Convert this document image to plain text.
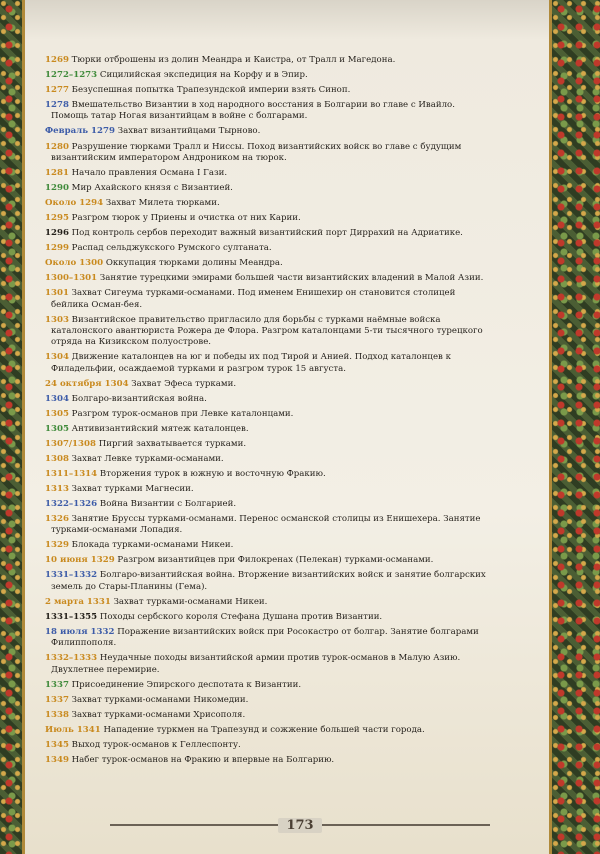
1269 Тюрки отброшены из долин Меандра и Каистра, от Тралл и Магедона.
1272–1273 Сицилийская экспедиция на Корфу и в Эпир.
1277 Безуспешная попытка Трапезундской империи взять Синоп.
1278 Вмешательство Византии в ход народного восстания в Болгарии во главе с Ивайло. Помощь татар Ногая византийцам в войне с болгарами.
Февраль 1279 Захват византийцами Тырново.
1280 Разрушение тюрками Тралл и Ниссы. Поход византийских войск во главе с будущим византийским императором Андроником на тюрок.
1281 Начало правления Османа I Гази.
1290 Мир Ахайского князя с Византией.
Около 1294 Захват Милета тюрками.
1295 Разгром тюрок у Приены и очистка от них Карии.
1296 Под контроль сербов переходит важный византийский порт Диррахий на Адриатике.
1299 Распад сельджукского Румского султаната.
Около 1300 Оккупация тюрками долины Меандра.
1300–1301 Занятие турецкими эмирами большей части византийских владений в Малой Азии.
1301 Захват Сигеума турками-османами. Под именем Енишехир он становится столицей бейлика Осман-бея.
1303 Византийское правительство пригласило для борьбы с турками наёмные войска каталонского авантюриста Рожера де Флора. Разгром каталонцами 5-ти тысячного турецкого отряда на Кизикском полуострове.
1304 Движение каталонцев на юг и победы их под Тирой и Анией. Подход каталонцев к Филадельфии, осаждаемой турками и разгром турок 15 августа.
24 октября 1304 Захват Эфеса турками.
1304 Болгаро-византийская война.
1305 Разгром турок-османов при Левке каталонцами.
1305 Антивизантийский мятеж каталонцев.
1307/1308 Пиргий захватывается турками.
1308 Захват Левке турками-османами.
1311–1314 Вторжения турок в южную и восточную Фракию.
1313 Захват турками Магнесии.
1322–1326 Война Византии с Болгарией.
1326 Занятие Бруссы турками-османами. Перенос османской столицы из Енишехера. Занятие турками-османами Лопадия.
1329 Блокада турками-османами Никеи.
10 июня 1329 Разгром византийцев при Филокренах (Пелекан) турками-османами.
1331–1332 Болгаро-византийская война. Вторжение византийских войск и занятие болгарских земель до Стары-Планины (Гема).
2 марта 1331 Захват турками-османами Никеи.
1331–1355 Походы сербского короля Стефана Душана против Византии.
18 июля 1332 Поражение византийских войск при Росокастро от болгар. Занятие болгарами Филиппополя.
1332–1333 Неудачные походы византийской армии против турок-османов в Малую Азию. Двухлетнее перемирие.
1337 Присоединение Эпирского деспотата к Византии.
1337 Захват турками-османами Никомедии.
1338 Захват турками-османами Хрисополя.
Июль 1341 Нападение туркмен на Трапезунд и сожжение большей части города.
1345 Выход турок-османов к Геллеспонту.
1349 Набег турок-османов на Фракию и впервые на Болгарию.
173
